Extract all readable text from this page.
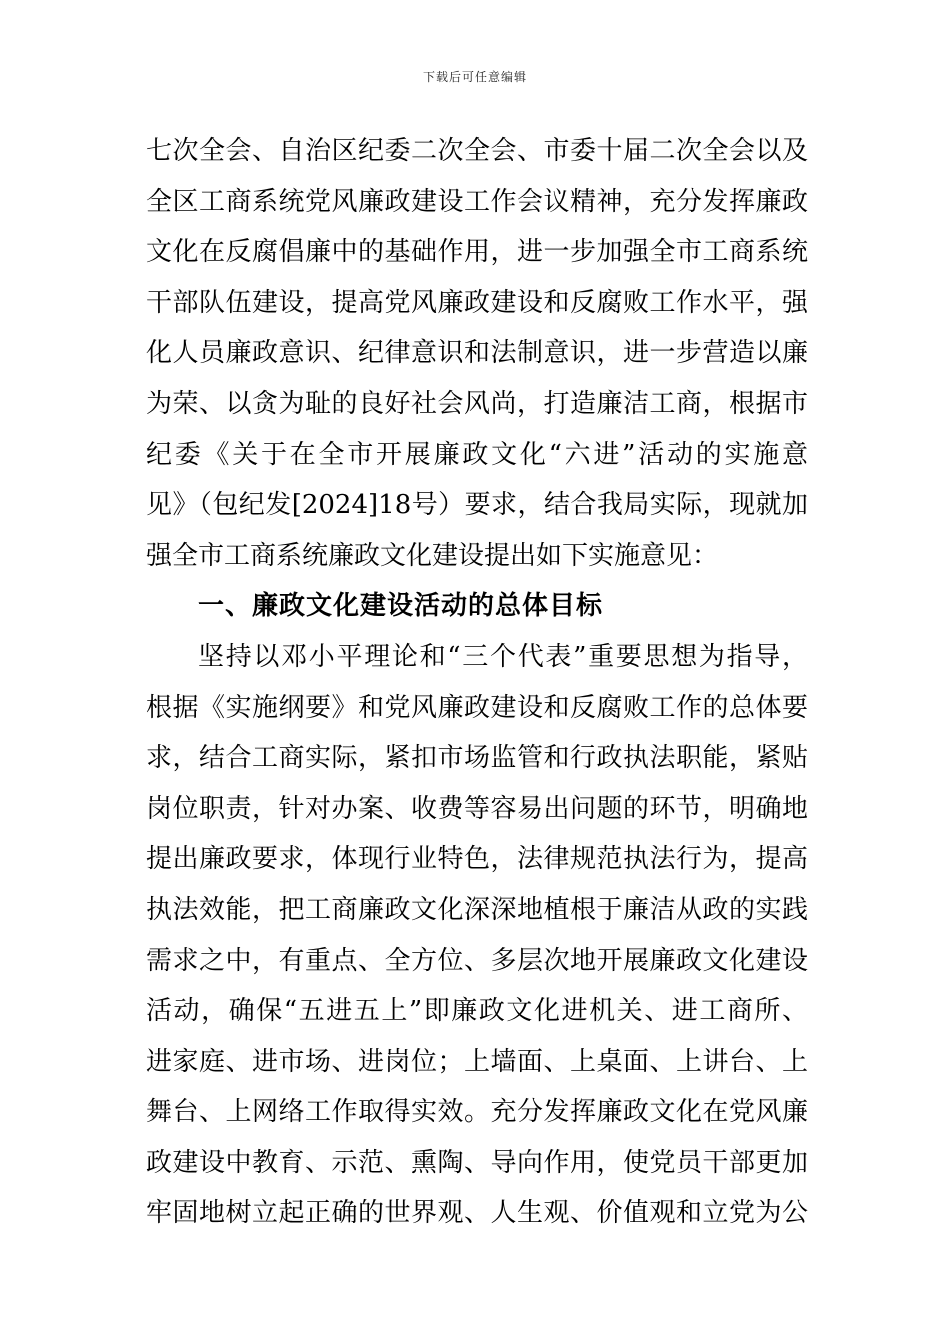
下载后可任意编辑
七次全会、自治区纪委二次全会、市委十届二次全会以及
全区工商系统党风廉政建设工作会议精神，充分发挥廉政
文化在反腐倡廉中的基础作用，进一步加强全市工商系统
干部队伍建设，提高党风廉政建设和反腐败工作水平，强
化人员廉政意识、纪律意识和法制意识，进一步营造以廉
为荣、以贪为耻的良好社会风尚，打造廉洁工商，根据市
纪委《关于在全市开展廉政文化“六进”活动的实施意
见》（包纪发[2024]18号）要求，结合我局实际，现就加
强全市工商系统廉政文化建设提出如下实施意见：
一、廉政文化建设活动的总体目标
坚持以邓小平理论和“三个代表”重要思想为指导，
根据《实施纲要》和党风廉政建设和反腐败工作的总体要
求，结合工商实际，紧扣市场监管和行政执法职能，紧贴
岗位职责，针对办案、收费等容易出问题的环节，明确地
提出廉政要求，体现行业特色，法律规范执法行为，提高
执法效能，把工商廉政文化深深地植根于廉洁从政的实践
需求之中，有重点、全方位、多层次地开展廉政文化建设
活动，确保“五进五上”即廉政文化进机关、进工商所、
进家庭、进市场、进岗位；上墙面、上桌面、上讲台、上
舞台、上网络工作取得实效。充分发挥廉政文化在党风廉
政建设中教育、示范、熏陶、导向作用，使党员干部更加
牢固地树立起正确的世界观、人生观、价值观和立党为公
